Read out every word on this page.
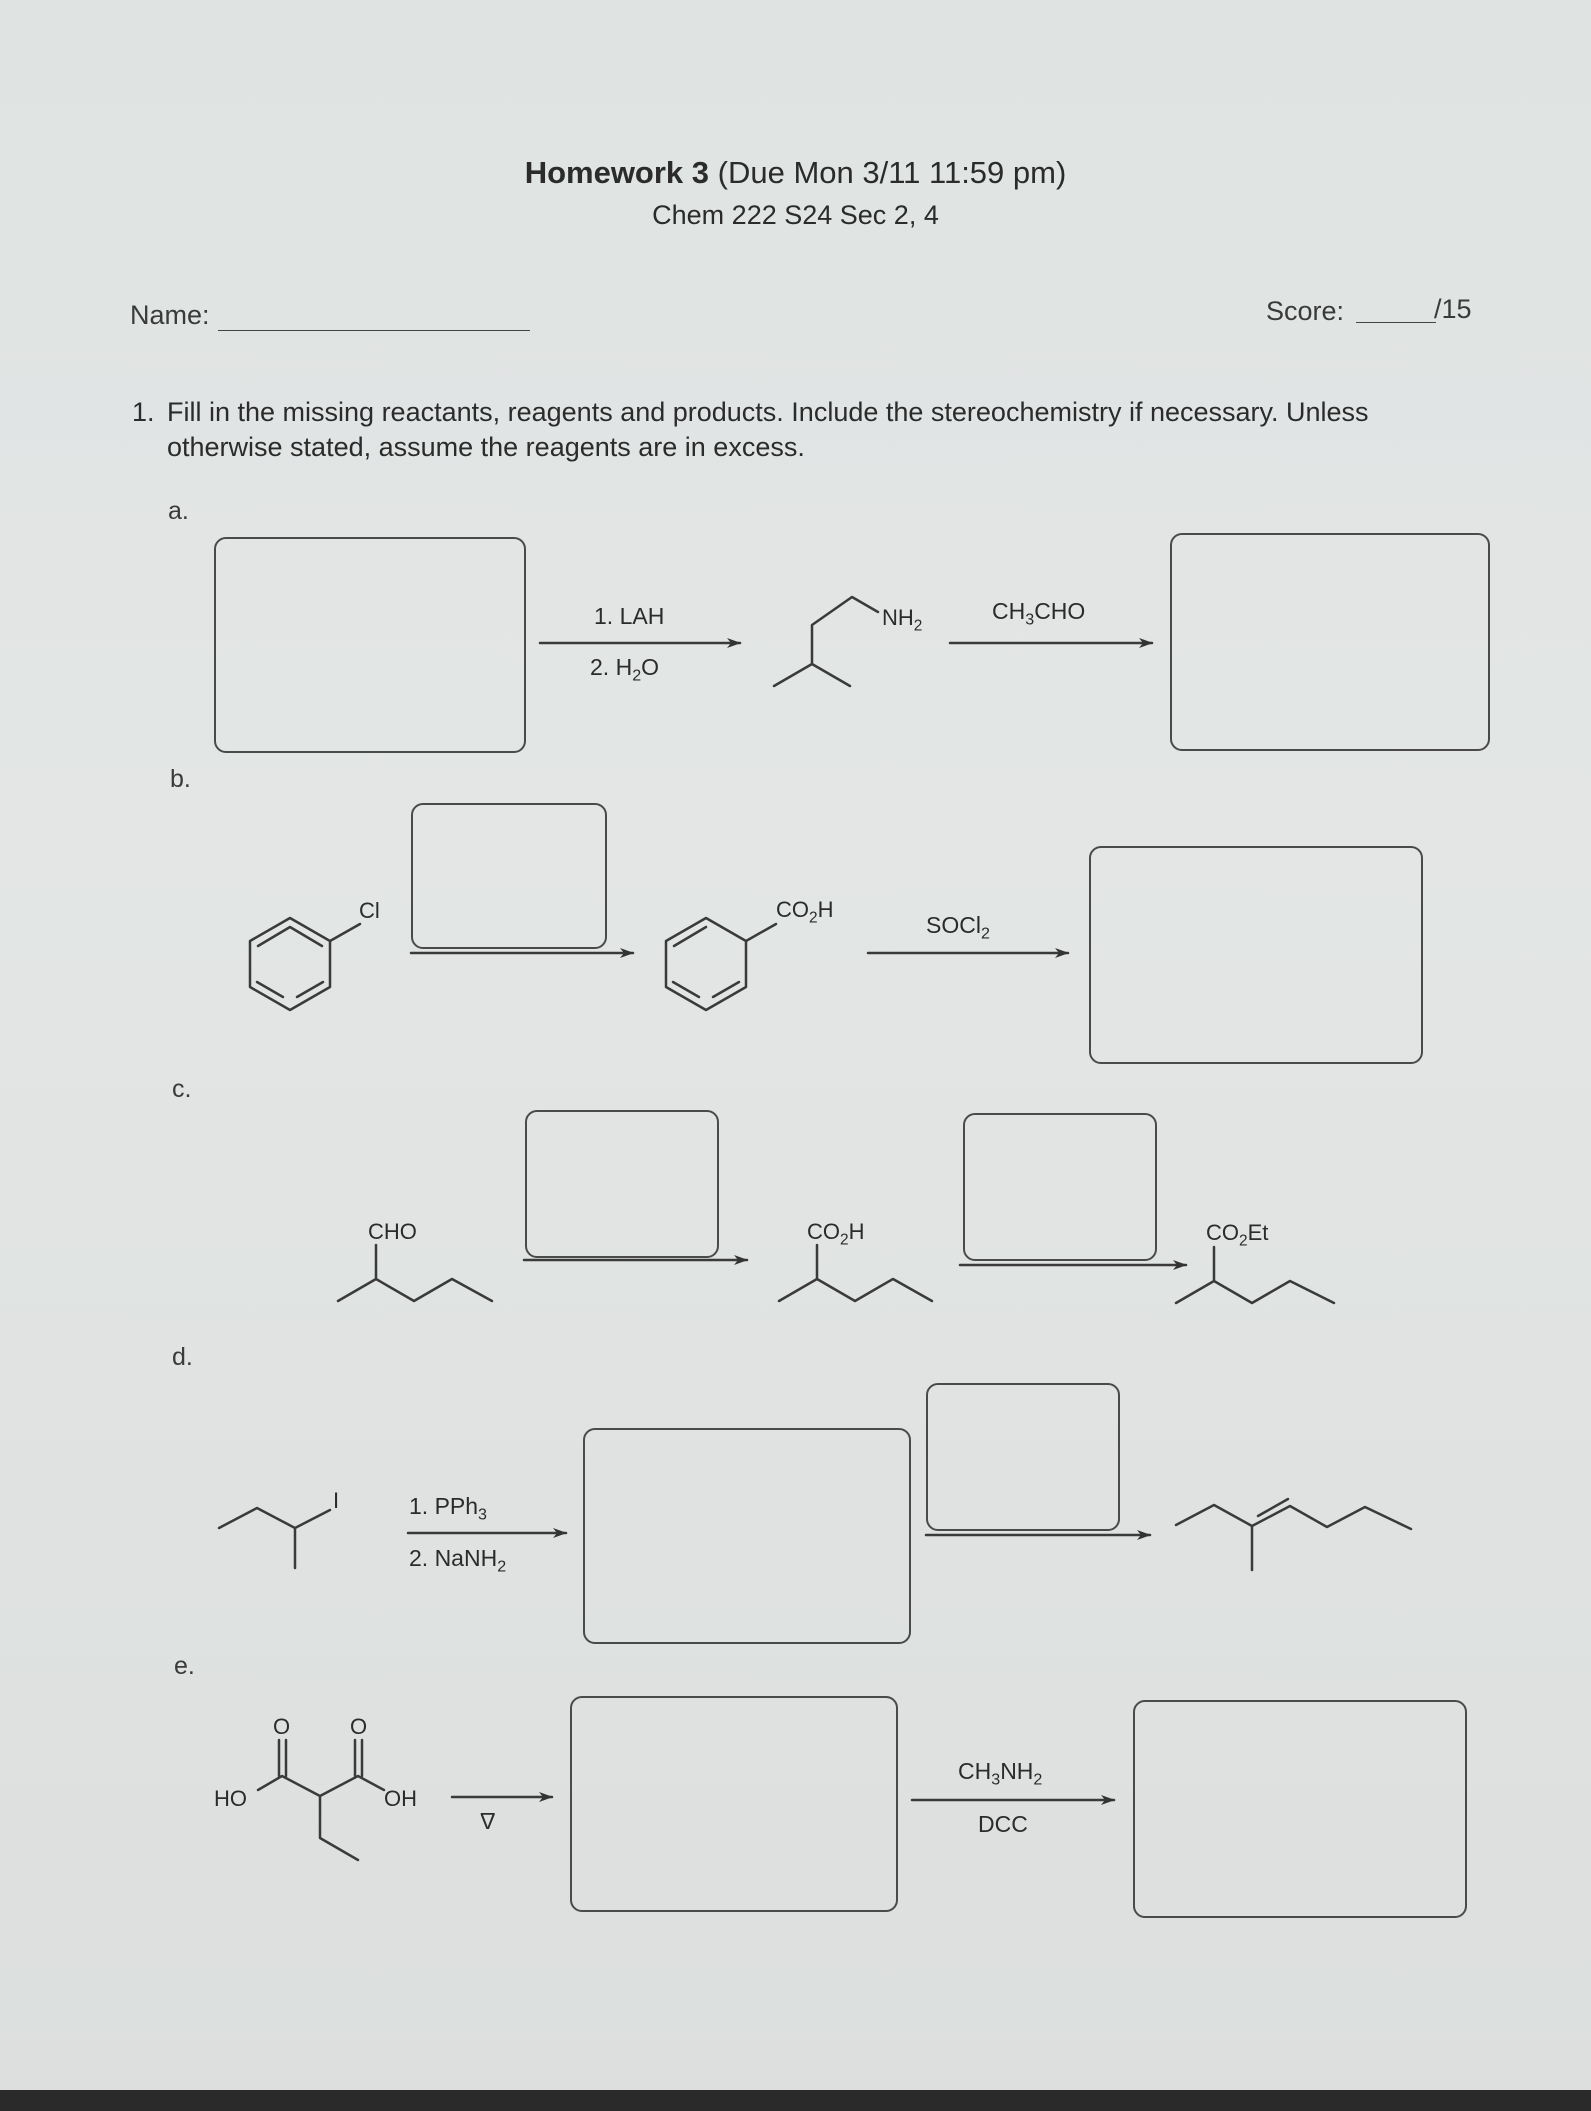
Homework 3 (Due Mon 3/11 11:59 pm)
Chem 222 S24 Sec 2, 4
Name:	Score:	/15
1. Fill in the missing reactants, reagents and products. Include the stereochemistry if necessary. Unless
otherwise stated, assume the reagents are in excess.
a.
b.
c.
d.
e.
1. LAH
2. $H_2O$
$NH_2$
$CH_3CHO$
Cl	$CO_2H$
SOCl$_2$
CHO	$CO_2H$	$CO_2Et$
I	1. PPh$_3$
2. NaNH$_2$
O	O
HO	OH
Δ
$CH_3NH_2$
DCC
